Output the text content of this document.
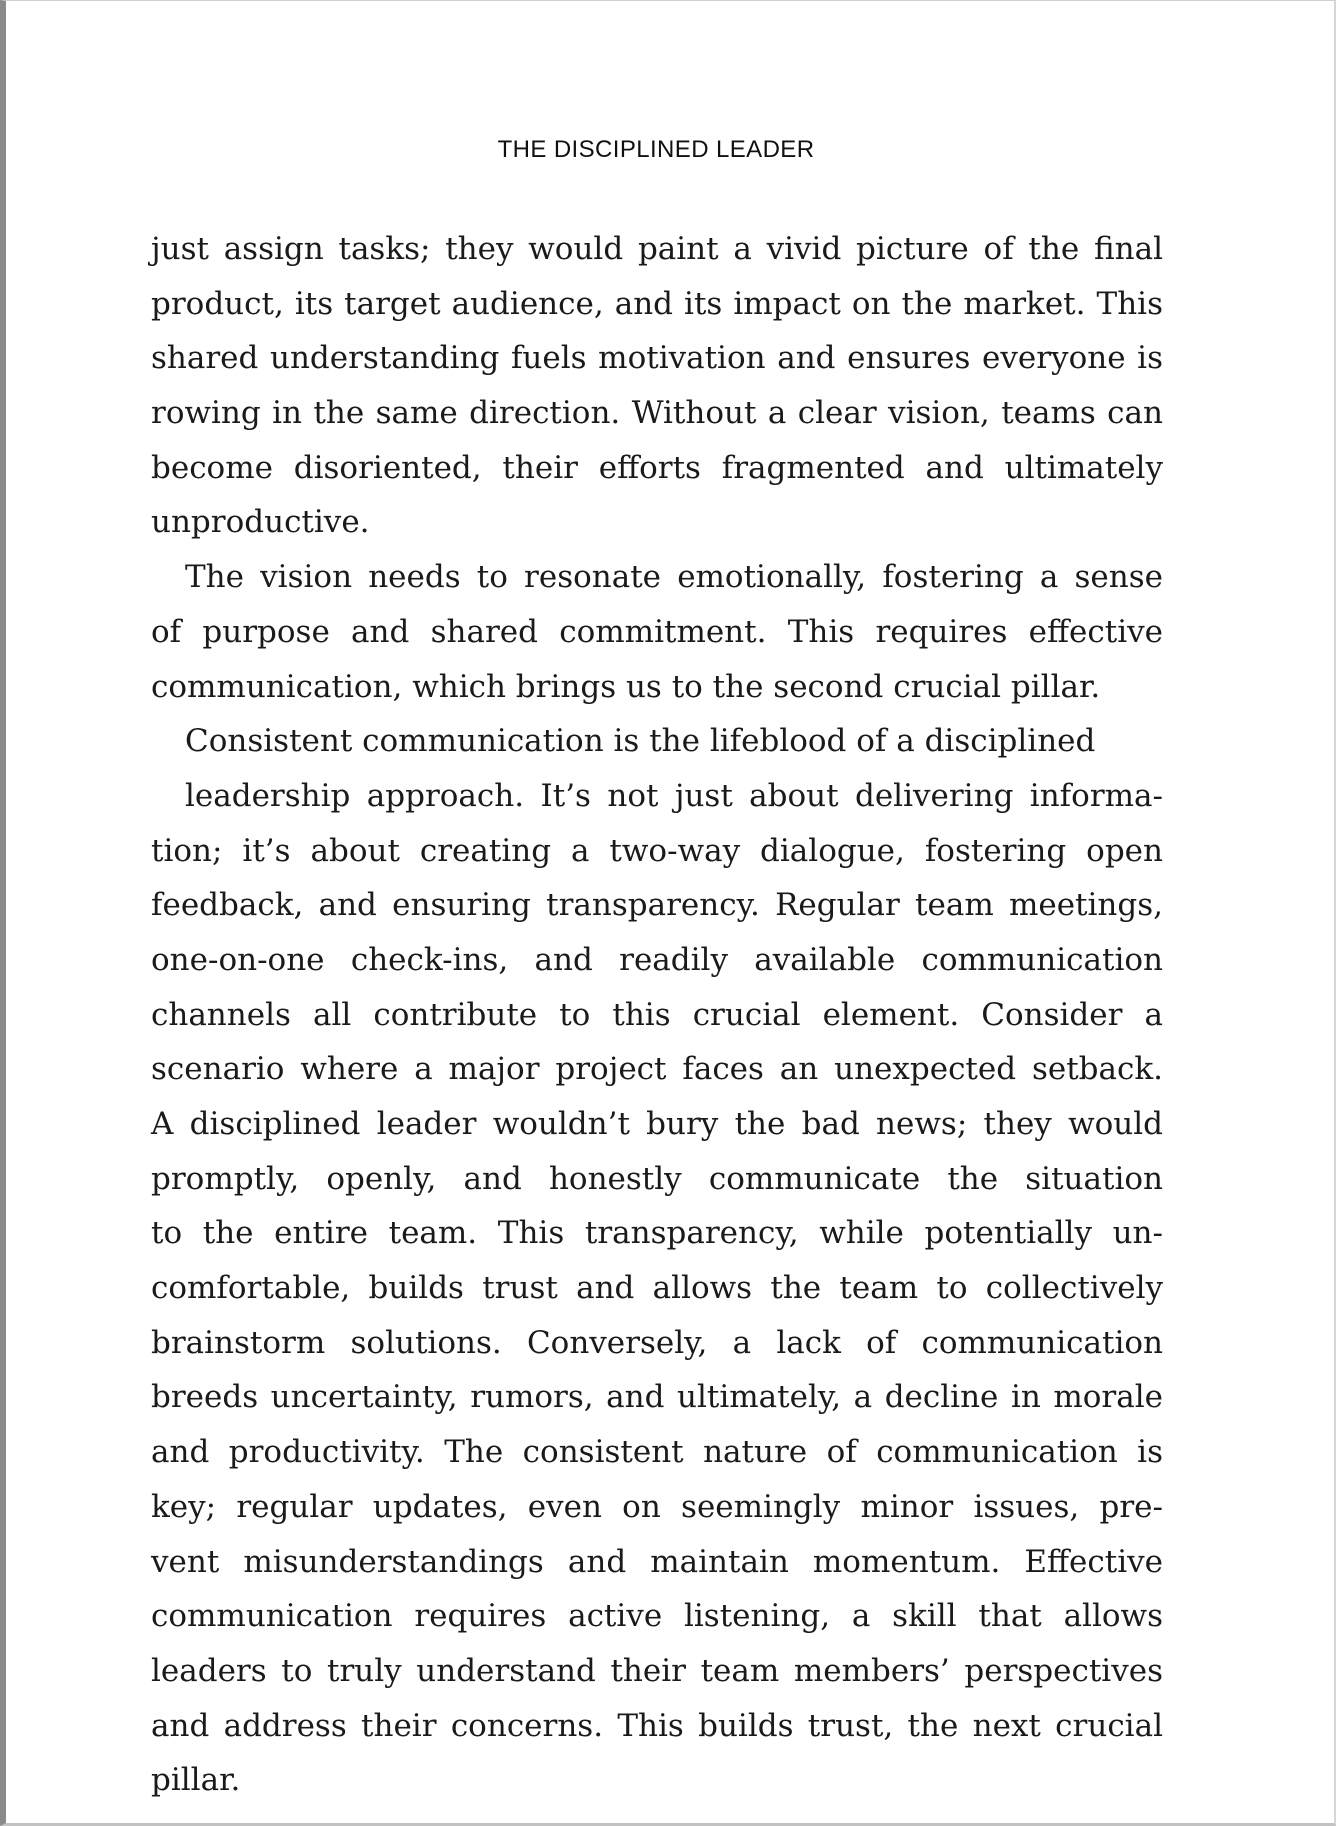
THE DISCIPLINED LEADER
just assign tasks; they would paint a vivid picture of the final
product, its target audience, and its impact on the market. This
shared understanding fuels motivation and ensures everyone is
rowing in the same direction. Without a clear vision, teams can
become disoriented, their efforts fragmented and ultimately
unproductive.
The vision needs to resonate emotionally, fostering a sense
of purpose and shared commitment. This requires effective
communication, which brings us to the second crucial pillar.
Consistent communication is the lifeblood of a disciplined
leadership approach. It’s not just about delivering informa-
tion; it’s about creating a two-way dialogue, fostering open
feedback, and ensuring transparency. Regular team meetings,
one-on-one check-ins, and readily available communication
channels all contribute to this crucial element. Consider a
scenario where a major project faces an unexpected setback.
A disciplined leader wouldn’t bury the bad news; they would
promptly, openly, and honestly communicate the situation
to the entire team. This transparency, while potentially un-
comfortable, builds trust and allows the team to collectively
brainstorm solutions. Conversely, a lack of communication
breeds uncertainty, rumors, and ultimately, a decline in morale
and productivity. The consistent nature of communication is
key; regular updates, even on seemingly minor issues, pre-
vent misunderstandings and maintain momentum. Effective
communication requires active listening, a skill that allows
leaders to truly understand their team members’ perspectives
and address their concerns. This builds trust, the next crucial
pillar.
